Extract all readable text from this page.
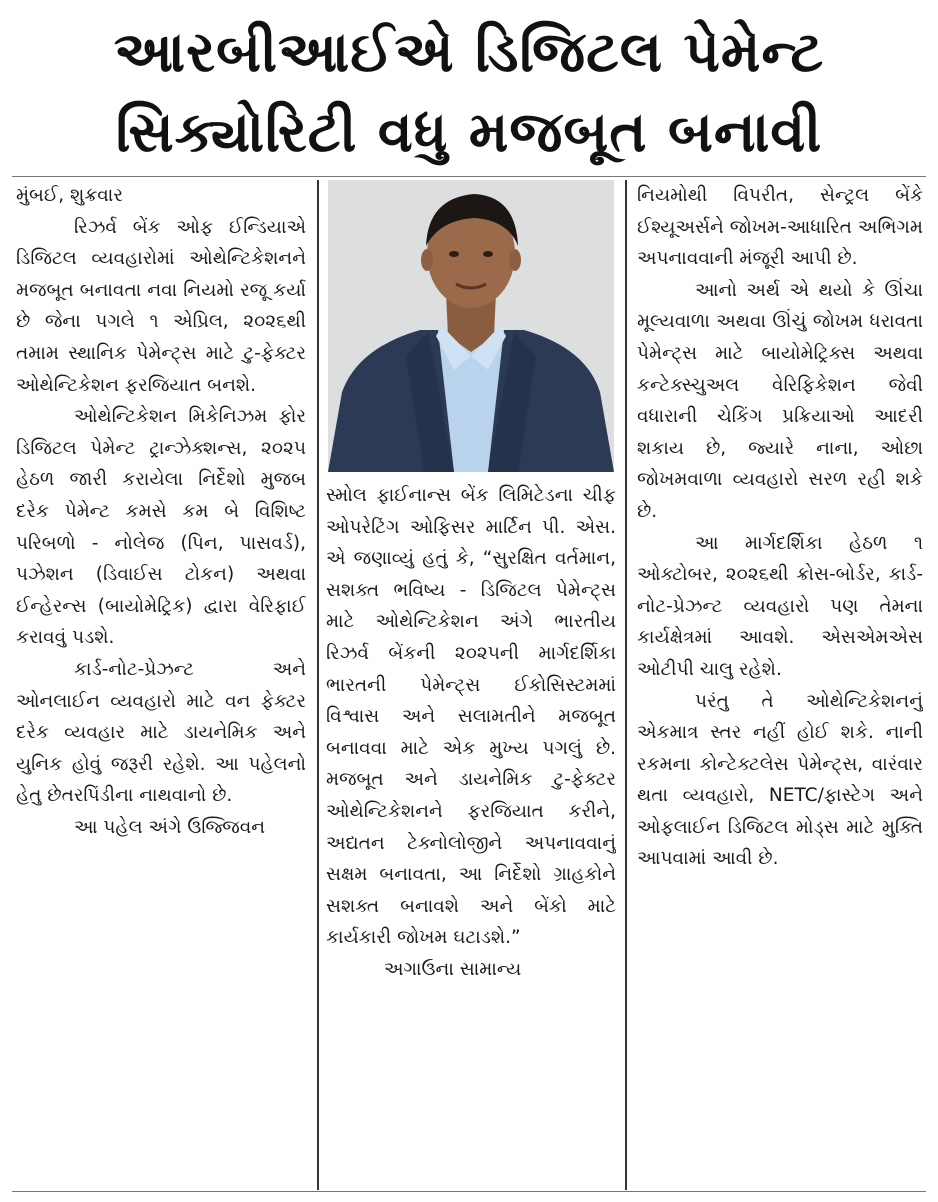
આરબીઆઈએ ડિજિટલ પેમેન્ટ
સિક્યોરિટી વધુ મજબૂત બનાવી

મુંબઈ, શુક્રવાર

રિઝર્વ બેંક ઓફ ઈન્ડિયાએ ડિજિટલ વ્યવહારોમાં ઓથેન્ટિકેશનને મજબૂત બનાવતા નવા નિયમો રજૂ કર્યા છે જેના પગલે ૧ એપ્રિલ, ૨૦૨૬થી તમામ સ્થાનિક પેમેન્ટ્સ માટે ટુ-ફેક્ટર ઓથેન્ટિકેશન ફરજિયાત બનશે.

ઓથેન્ટિકેશન મિકેનિઝમ ફોર ડિજિટલ પેમેન્ટ ટ્રાન્ઝેક્શન્સ, ૨૦૨૫ હેઠળ જારી કરાયેલા નિર્દેશો મુજબ દરેક પેમેન્ટ કમસે કમ બે વિશિષ્ટ પરિબળો - નોલેજ (પિન, પાસવર્ડ), પઝેશન (ડિવાઈસ ટોકન) અથવા ઈન્હેરન્સ (બાયોમેટ્રિક) દ્વારા વેરિફાઈ કરાવવું પડશે.

કાર્ડ-નોટ-પ્રેઝન્ટ અને ઓનલાઈન વ્યવહારો માટે વન ફેક્ટર દરેક વ્યવહાર માટે ડાયનેમિક અને યુનિક હોવું જરૂરી રહેશે. આ પહેલનો હેતુ છેતરપિંડીના નાથવાનો છે.

આ પહેલ અંગે ઉજ્જિવન

સ્મોલ ફાઈનાન્સ બેંક લિમિટેડના ચીફ ઓપરેટિંગ ઓફિસર માર્ટિન પી. એસ. એ જણાવ્યું હતું કે, “સુરક્ષિત વર્તમાન, સશક્ત ભવિષ્ય - ડિજિટલ પેમેન્ટ્સ માટે ઓથેન્ટિકેશન અંગે ભારતીય રિઝર્વ બેંકની ૨૦૨૫ની માર્ગદર્શિકા ભારતની પેમેન્ટ્સ ઈકોસિસ્ટમમાં વિશ્વાસ અને સલામતીને મજબૂત બનાવવા માટે એક મુખ્ય પગલું છે. મજબૂત અને ડાયનેમિક ટુ-ફેક્ટર ઓથેન્ટિકેશનને ફરજિયાત કરીને, અદ્યતન ટેક્નોલોજીને અપનાવવાનું સક્ષમ બનાવતા, આ નિર્દેશો ગ્રાહકોને સશક્ત બનાવશે અને બેંકો માટે કાર્યકારી જોખમ ઘટાડશે.”

અગાઉના સામાન્ય

નિયમોથી વિપરીત, સેન્ટ્રલ બેંકે ઈશ્યૂઅર્સને જોખમ-આધારિત અભિગમ અપનાવવાની મંજૂરી આપી છે.

આનો અર્થ એ થયો કે ઊંચા મૂલ્યવાળા અથવા ઊંચું જોખમ ધરાવતા પેમેન્ટ્સ માટે બાયોમેટ્રિક્સ અથવા કન્ટેક્સ્ચુઅલ વેરિફિકેશન જેવી વધારાની ચેકિંગ પ્રક્રિયાઓ આદરી શકાય છે, જ્યારે નાના, ઓછા જોખમવાળા વ્યવહારો સરળ રહી શકે છે.

આ માર્ગદર્શિકા હેઠળ ૧ ઓક્ટોબર, ૨૦૨૬થી ક્રોસ-બોર્ડર, કાર્ડ-નોટ-પ્રેઝન્ટ વ્યવહારો પણ તેમના કાર્યક્ષેત્રમાં આવશે. એસએમએસ ઓટીપી ચાલુ રહેશે.

પરંતુ તે ઓથેન્ટિકેશનનું એકમાત્ર સ્તર નહીં હોઈ શકે. નાની રકમના કોન્ટેક્ટલેસ પેમેન્ટ્સ, વારંવાર થતા વ્યવહારો, NETC/ફાસ્ટેગ અને ઓફલાઈન ડિજિટલ મોડ્સ માટે મુક્તિ આપવામાં આવી છે.
